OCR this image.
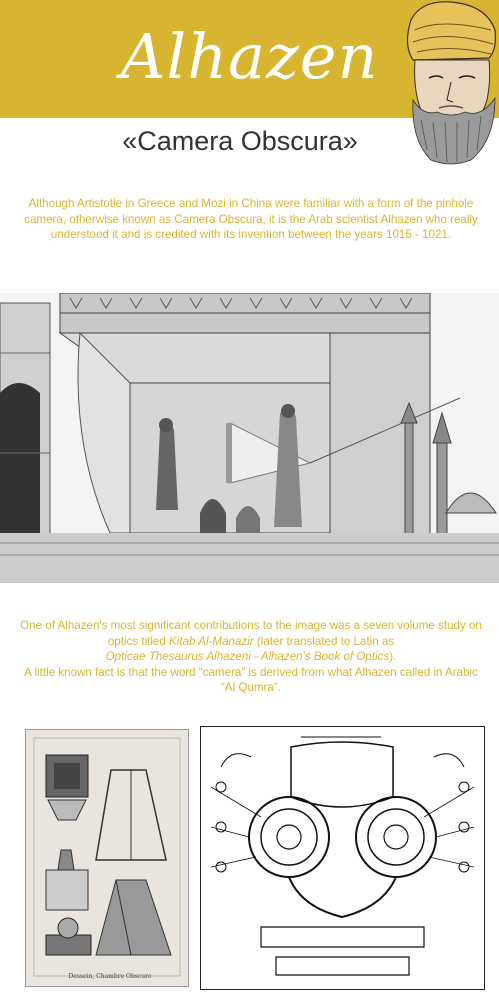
Alhazen
«Camera Obscura»
Although Artistotle in Greece and Mozi in China were familiar with a form of the pinhole camera, otherwise known as Camera Obscura, it is the Arab scientist Alhazen who really understood it and is credited with its invention between the years 1015 - 1021.
One of Alhazen's most significant contributions to the image was a seven volume study on optics titled Kitab Al-Manazir (later translated to Latin as
Opticae Thesaurus Alhazeni - Alhazen's Book of Optics).
A little known fact is that the word “camera” is derived from what Alhazen called in Arabic “Al Qumra”.
Dessein, Chambre Obscure
